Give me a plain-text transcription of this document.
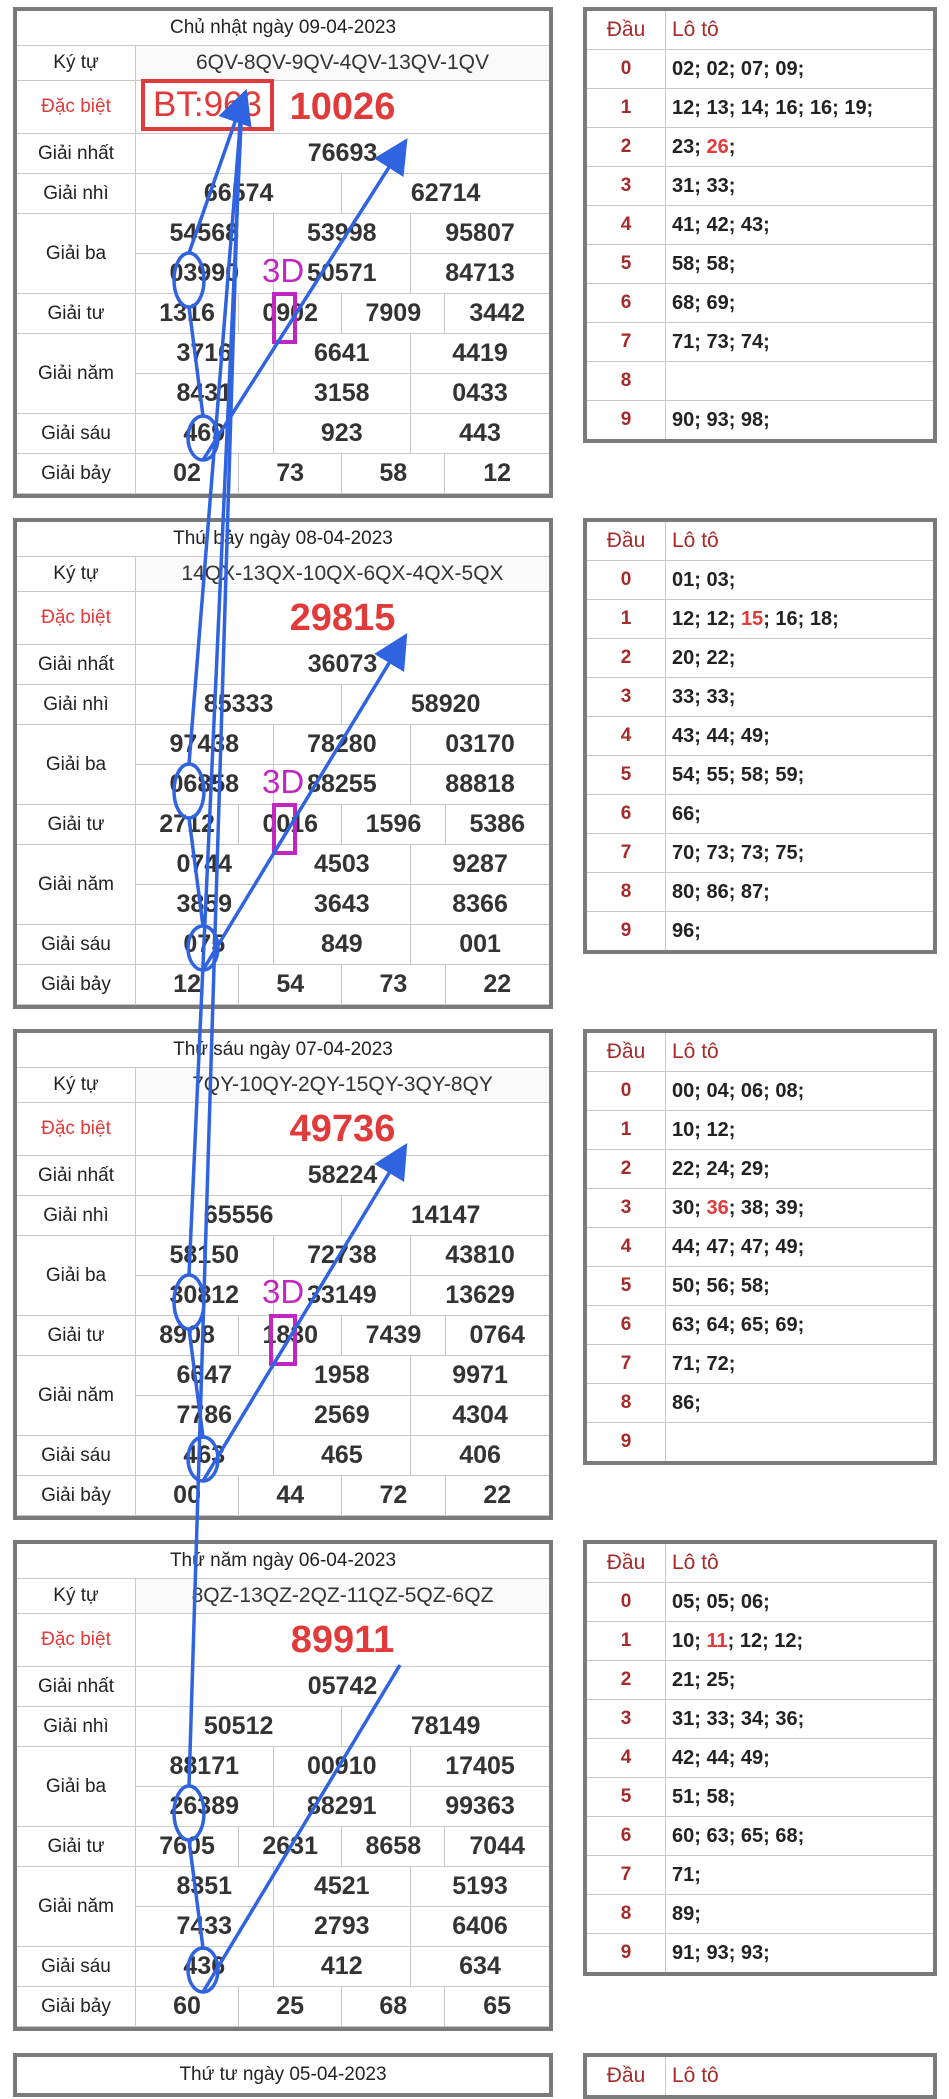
Chủ nhật ngày 09-04-2023										
Ký tự	6QV-8QV-9QV-4QV-13QV-1QV									
Đặc biệt	10026									
Giải nhất	76693									
Giải nhì	66574						62714			
Giải ba	54568				53998				95807	
	03990				50571				84713	
Giải tư	1316			0902			7909			3442
Giải năm	3716				6641				4419	
	8431				3158				0433	
Giải sáu	469				923				443	
Giải bảy	02			73			58			12

Đầu	Lô tô
0	02; 02; 07; 09;
1	12; 13; 14; 16; 16; 19;
2	23; 26;
3	31; 33;
4	41; 42; 43;
5	58; 58;
6	68; 69;
7	71; 73; 74;
8	
9	90; 93; 98;
Thứ bảy ngày 08-04-2023										
Ký tự	14QX-13QX-10QX-6QX-4QX-5QX									
Đặc biệt	29815									
Giải nhất	36073									
Giải nhì	85333						58920			
Giải ba	97438				78280				03170	
	06858				88255				88818	
Giải tư	2712			0016			1596			5386
Giải năm	0744				4503				9287	
	3859				3643				8366	
Giải sáu	075				849				001	
Giải bảy	12			54			73			22

Đầu	Lô tô
0	01; 03;
1	12; 12; 15; 16; 18;
2	20; 22;
3	33; 33;
4	43; 44; 49;
5	54; 55; 58; 59;
6	66;
7	70; 73; 73; 75;
8	80; 86; 87;
9	96;
Thứ sáu ngày 07-04-2023										
Ký tự	7QY-10QY-2QY-15QY-3QY-8QY									
Đặc biệt	49736									
Giải nhất	58224									
Giải nhì	65556						14147			
Giải ba	58150				72738				43810	
	30812				33149				13629	
Giải tư	8908			1830			7439			0764
Giải năm	6647				1958				9971	
	7786				2569				4304	
Giải sáu	463				465				406	
Giải bảy	00			44			72			22

Đầu	Lô tô
0	00; 04; 06; 08;
1	10; 12;
2	22; 24; 29;
3	30; 36; 38; 39;
4	44; 47; 47; 49;
5	50; 56; 58;
6	63; 64; 65; 69;
7	71; 72;
8	86;
9	
Thứ năm ngày 06-04-2023										
Ký tự	8QZ-13QZ-2QZ-11QZ-5QZ-6QZ									
Đặc biệt	89911									
Giải nhất	05742									
Giải nhì	50512						78149			
Giải ba	88171				00910				17405	
	26389				88291				99363	
Giải tư	7605			2631			8658			7044
Giải năm	8351				4521				5193	
	7433				2793				6406	
Giải sáu	436				412				634	
Giải bảy	60			25			68			65

Đầu	Lô tô
0	05; 05; 06;
1	10; 11; 12; 12;
2	21; 25;
3	31; 33; 34; 36;
4	42; 44; 49;
5	51; 58;
6	60; 63; 65; 68;
7	71;
8	89;
9	91; 93; 93;
Thứ tư ngày 05-04-2023	Đầu	Lô tô
BT:963
3D
3D
3D
